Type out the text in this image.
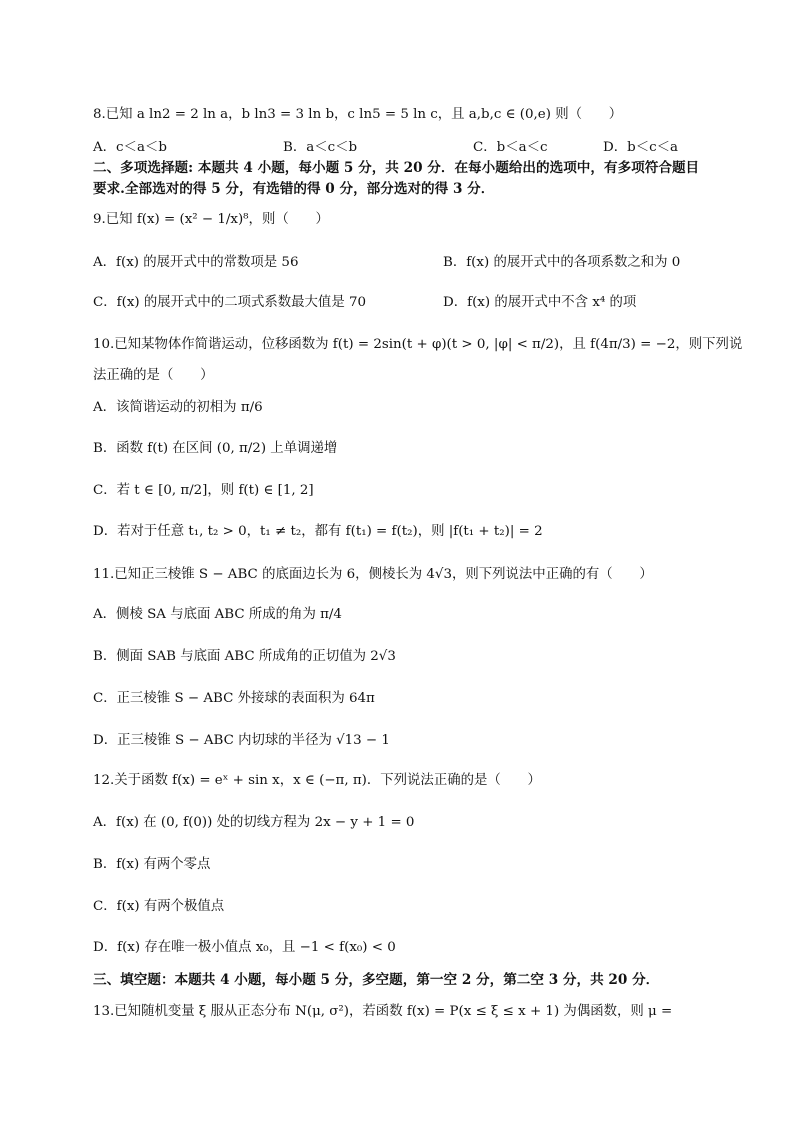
8.已知 a ln2 = 2 ln a，b ln3 = 3 ln b，c ln5 = 5 ln c，且 a,b,c ∈ (0,e) 则（　　）
A．c＜a＜b	B．a＜c＜b	C．b＜a＜c	D．b＜c＜a
二、多项选择题: 本题共 4 小题，每小题 5 分，共 20 分．在每小题给出的选项中，有多项符合题目
要求.全部选对的得 5 分，有选错的得 0 分，部分选对的得 3 分．
9.已知 f(x) = (x² − 1/x)⁸，则（　　）
A．f(x) 的展开式中的常数项是 56	B．f(x) 的展开式中的各项系数之和为 0
C．f(x) 的展开式中的二项式系数最大值是 70	D．f(x) 的展开式中不含 x⁴ 的项
10.已知某物体作简谐运动，位移函数为 f(t) = 2sin(t + φ)(t > 0, |φ| < π/2)，且 f(4π/3) = −2，则下列说
法正确的是（　　）
A．该简谐运动的初相为 π/6
B．函数 f(t) 在区间 (0, π/2) 上单调递增
C．若 t ∈ [0, π/2]，则 f(t) ∈ [1, 2]
D．若对于任意 t₁, t₂ > 0，t₁ ≠ t₂，都有 f(t₁) = f(t₂)，则 |f(t₁ + t₂)| = 2
11.已知正三棱锥 S − ABC 的底面边长为 6，侧棱长为 4√3，则下列说法中正确的有（　　）
A．侧棱 SA 与底面 ABC 所成的角为 π/4
B．侧面 SAB 与底面 ABC 所成角的正切值为 2√3
C．正三棱锥 S − ABC 外接球的表面积为 64π
D．正三棱锥 S − ABC 内切球的半径为 √13 − 1
12.关于函数 f(x) = eˣ + sin x，x ∈ (−π, π)．下列说法正确的是（　　）
A．f(x) 在 (0, f(0)) 处的切线方程为 2x − y + 1 = 0
B．f(x) 有两个零点
C．f(x) 有两个极值点
D．f(x) 存在唯一极小值点 x₀，且 −1 < f(x₀) < 0
三、填空题：本题共 4 小题，每小题 5 分，多空题，第一空 2 分，第二空 3 分，共 20 分．
13.已知随机变量 ξ 服从正态分布 N(μ, σ²)，若函数 f(x) = P(x ≤ ξ ≤ x + 1) 为偶函数，则 μ =
